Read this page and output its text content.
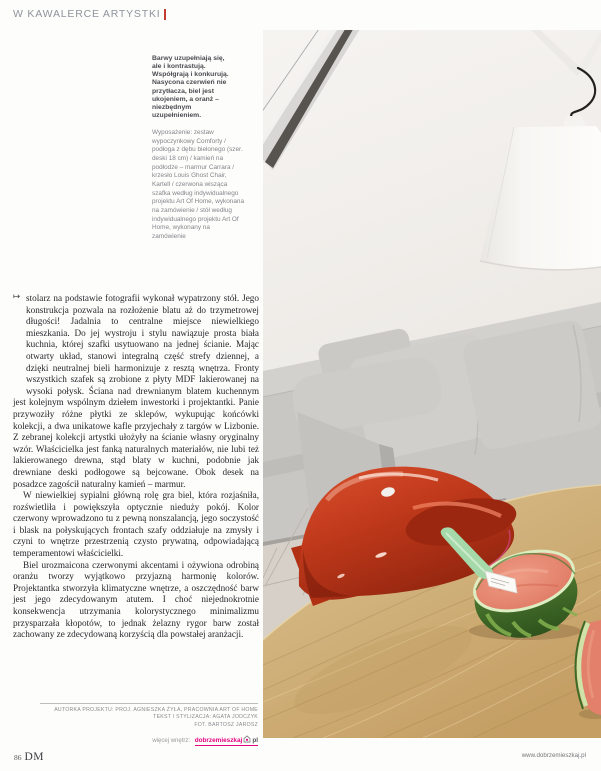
W KAWALERCE ARTYSTKI
Barwy uzupełniają się, ale i kontrastują. Współgrają i konkurują. Nasycona czerwień nie przytłacza, biel jest ukojeniem, a oranż – niezbędnym uzupełnieniem.
Wyposażenie: zestaw wypoczynkowy Comforty / podłoga z dębu bielonego (szer. deski 18 cm) / kamień na podłodze – marmur Carrara / krzesło Louis Ghost Chair, Kartell / czerwona wisząca szafka według indywidualnego projektu Art Of Home, wykonana na zamówienie / stół według indywidualnego projektu Art Of Home, wykonany na zamówienie
↦ stolarz na podstawie fotografii wykonał wypatrzony stół. Jego konstrukcja pozwala na rozłożenie blatu aż do trzymetrowej długości! Jadalnia to centralne miejsce niewielkiego mieszkania. Do jej wystroju i stylu nawiązuje prosta biała kuchnia, której szafki usytuowano na jednej ścianie. Mając otwarty układ, stanowi integralną część strefy dziennej, a dzięki neutralnej bieli harmonizuje z resztą wnętrza. Fronty wszystkich szafek są zrobione z płyty MDF lakierowanej na wysoki połysk. Ściana nad drewnianym blatem kuchennym jest kolejnym wspólnym dziełem inwestorki i projektantki. Panie przywoziły różne płytki ze sklepów, wykupując końcówki kolekcji, a dwa unikatowe kafle przyjechały z targów w Lizbonie. Z zebranej kolekcji artystki ułożyły na ścianie własny oryginalny wzór. Właścicielka jest fanką naturalnych materiałów, nie lubi też lakierowanego drewna, stąd blaty w kuchni, podobnie jak drewniane deski podłogowe są bejcowane. Obok desek na posadzce zagościł naturalny kamień – marmur.

W niewielkiej sypialni główną rolę gra biel, która rozjaśniła, rozświetliła i powiększyła optycznie nieduży pokój. Kolor czerwony wprowadzono tu z pewną nonszalancją, jego soczystość i blask na połyskujących frontach szafy oddziałuje na zmysły i czyni to wnętrze przestrzenią czysto prywatną, odpowiadającą temperamentowi właścicielki.

Biel urozmaicona czerwonymi akcentami i ożywiona odrobiną oranżu tworzy wyjątkowo przyjazną harmonię kolorów. Projektantka stworzyła klimatyczne wnętrze, a oszczędność barw jest jego zdecydowanym atutem. I choć niejednokrotnie konsekwencja utrzymania kolorystycznego minimalizmu przysparzała kłopotów, to jednak żelazny rygor barw został zachowany ze zdecydowaną korzyścią dla powstałej aranżacji.

AUTORKA PROJEKTU: PROJ. AGNIESZKA ŻYŁA, PRACOWNIA ART OF HOME
TEKST I STYLIZACJA: AGATA JODCZYK
FOT. BARTOSZ JAROSZ
więcej wnętrz: dobrzemieszkaj pl
86 DM	www.dobrzemieszkaj.pl
